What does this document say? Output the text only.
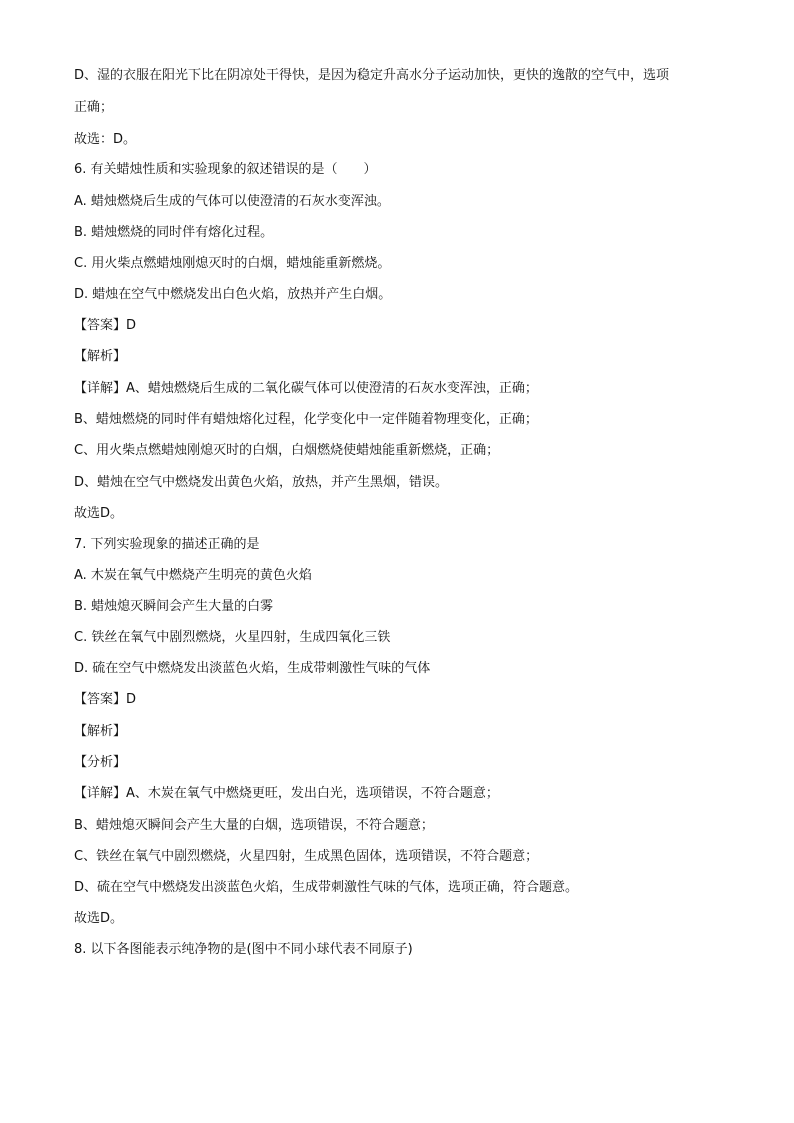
D、湿的衣服在阳光下比在阴凉处干得快，是因为稳定升高水分子运动加快，更快的逸散的空气中，选项
正确；
故选：D。
6. 有关蜡烛性质和实验现象的叙述错误的是（　　）
A. 蜡烛燃烧后生成的气体可以使澄清的石灰水变浑浊。
B. 蜡烛燃烧的同时伴有熔化过程。
C. 用火柴点燃蜡烛刚熄灭时的白烟，蜡烛能重新燃烧。
D. 蜡烛在空气中燃烧发出白色火焰，放热并产生白烟。
【答案】D
【解析】
【详解】A、蜡烛燃烧后生成的二氧化碳气体可以使澄清的石灰水变浑浊，正确；
B、蜡烛燃烧的同时伴有蜡烛熔化过程，化学变化中一定伴随着物理变化，正确；
C、用火柴点燃蜡烛刚熄灭时的白烟，白烟燃烧使蜡烛能重新燃烧，正确；
D、蜡烛在空气中燃烧发出黄色火焰，放热，并产生黑烟，错误。
故选D。
7. 下列实验现象的描述正确的是
A. 木炭在氧气中燃烧产生明亮的黄色火焰
B. 蜡烛熄灭瞬间会产生大量的白雾
C. 铁丝在氧气中剧烈燃烧，火星四射，生成四氧化三铁
D. 硫在空气中燃烧发出淡蓝色火焰，生成带刺激性气味的气体
【答案】D
【解析】
【分析】
【详解】A、木炭在氧气中燃烧更旺，发出白光，选项错误，不符合题意；
B、蜡烛熄灭瞬间会产生大量的白烟，选项错误，不符合题意；
C、铁丝在氧气中剧烈燃烧，火星四射，生成黑色固体，选项错误，不符合题意；
D、硫在空气中燃烧发出淡蓝色火焰，生成带刺激性气味的气体，选项正确，符合题意。
故选D。
8. 以下各图能表示纯净物的是(图中不同小球代表不同原子)
